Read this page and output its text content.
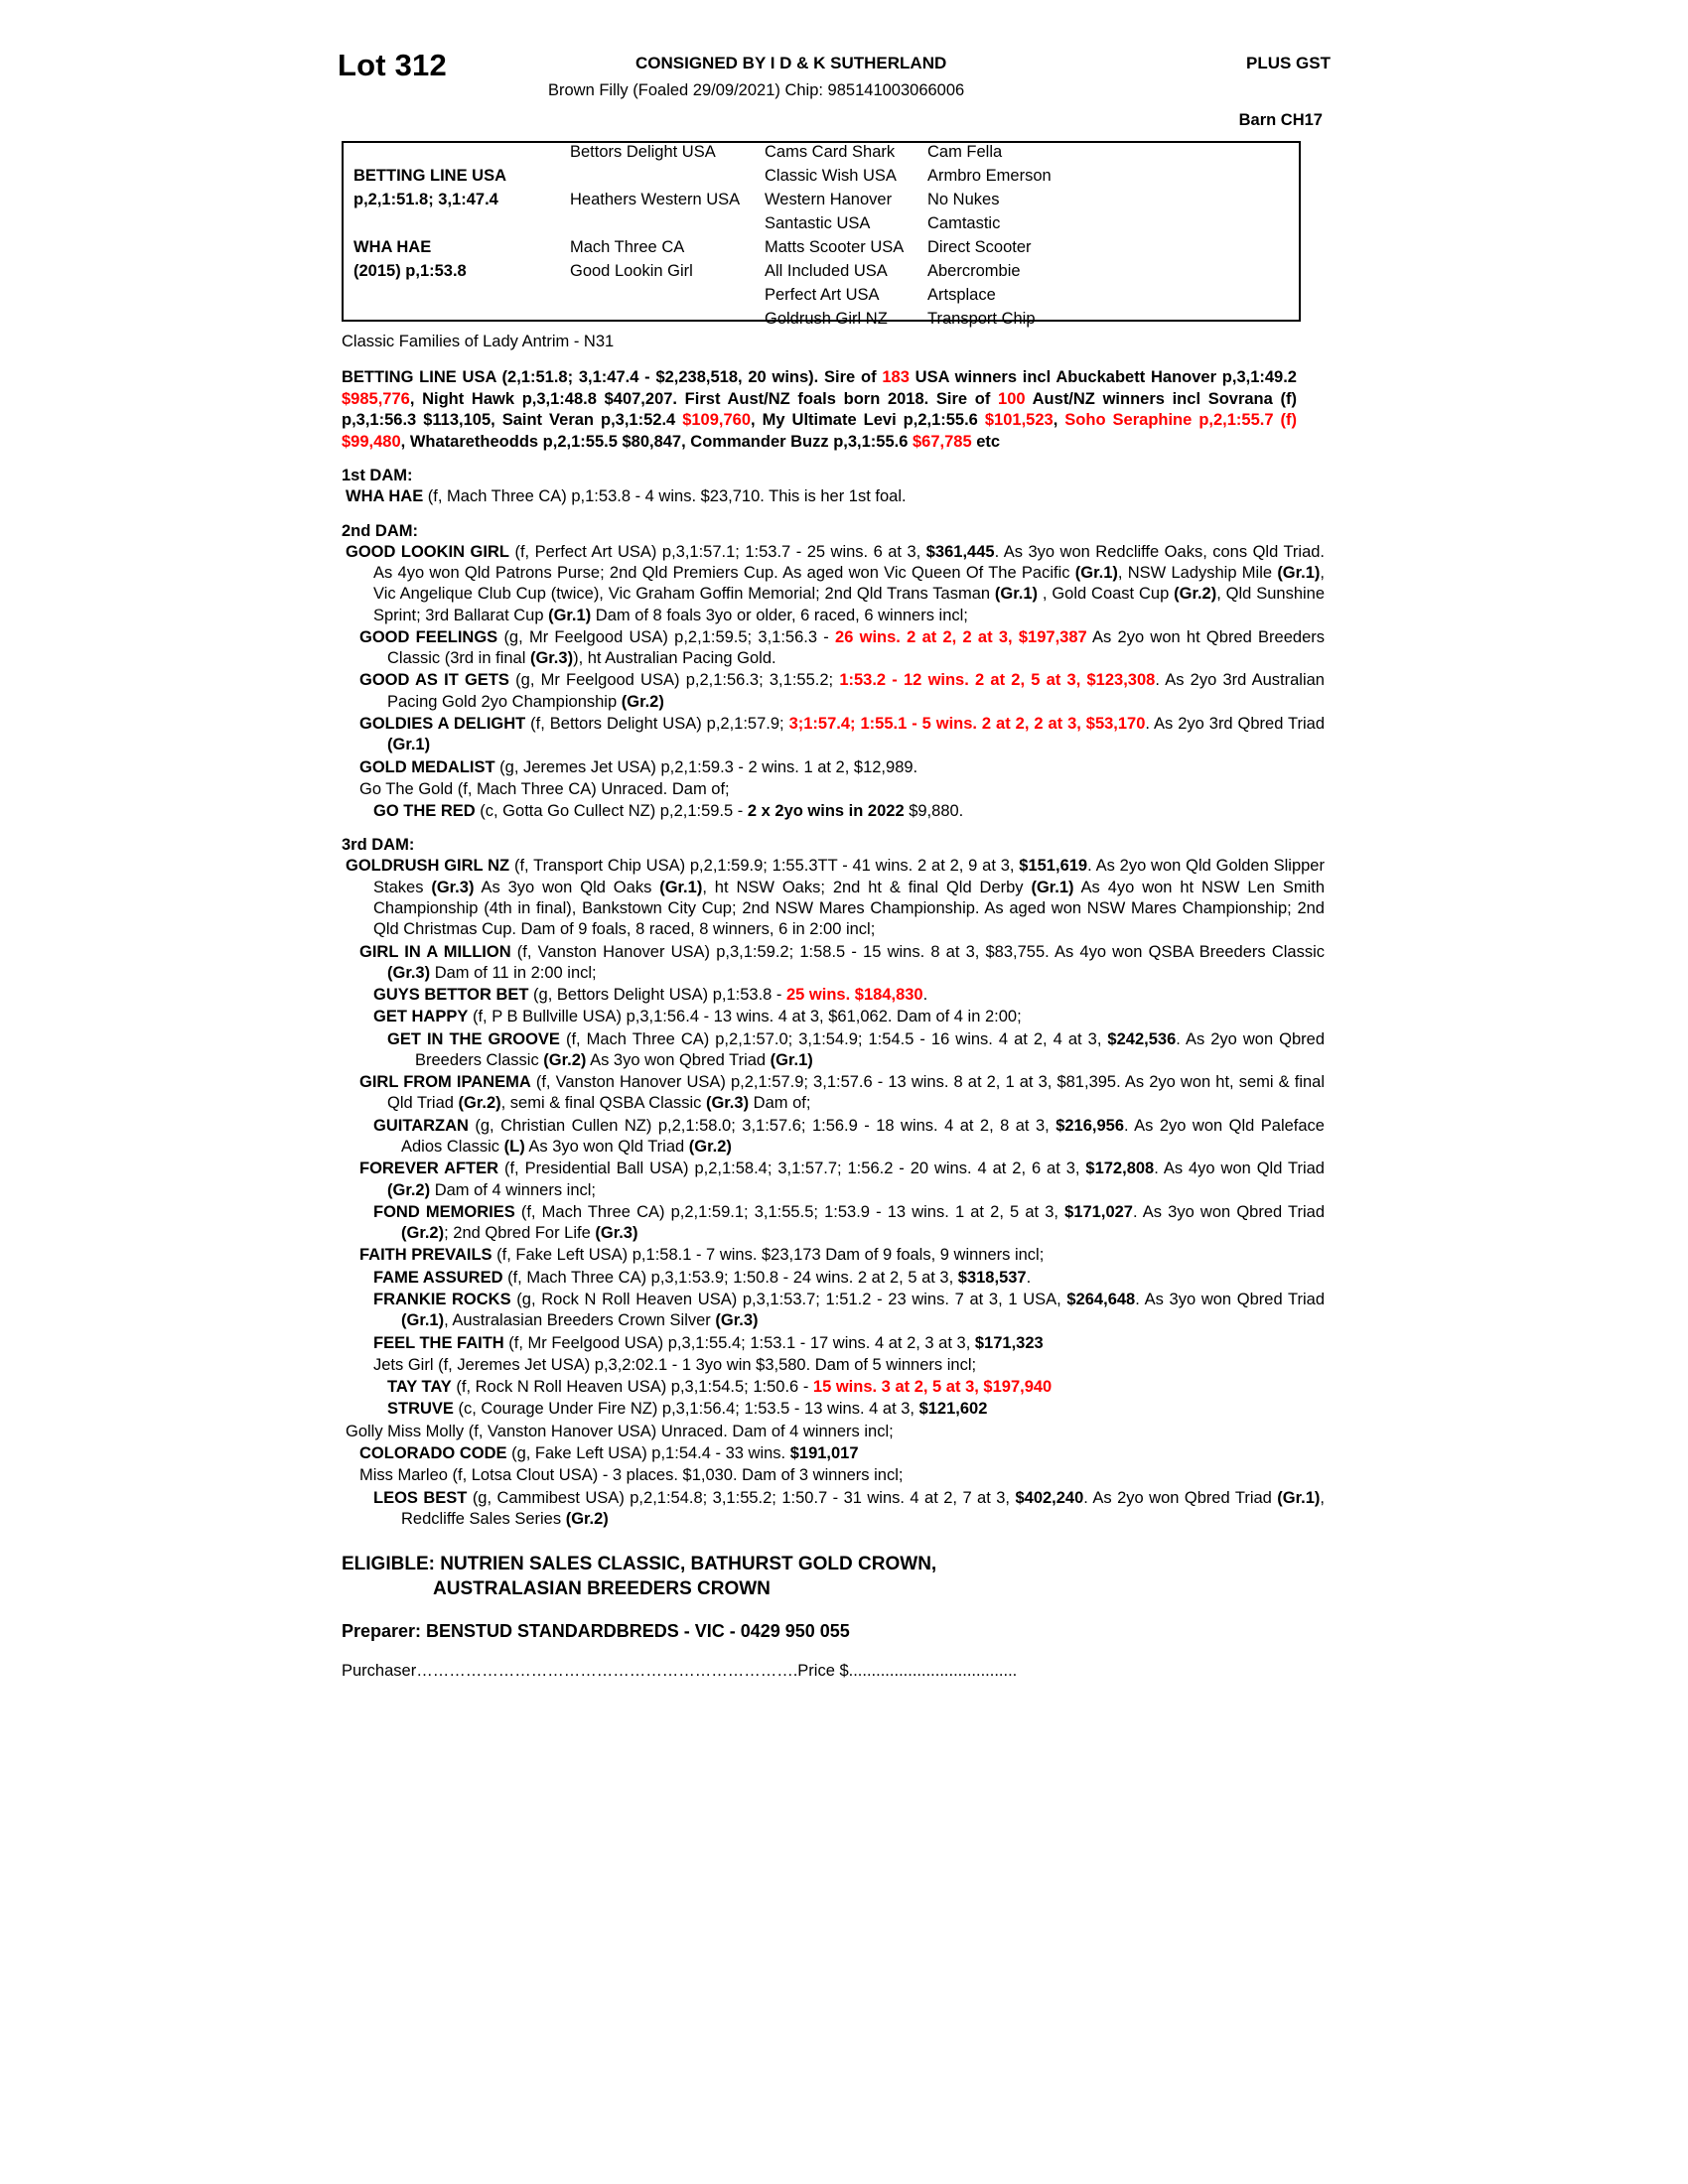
Lot 312	CONSIGNED BY I D & K SUTHERLAND	PLUS GST
Brown Filly (Foaled 29/09/2021) Chip: 985141003066006
Barn CH17
BETTING LINE USA
p,2,1:51.8; 3,1:47.4
WHA HAE
(2015) p,1:53.8
Bettors Delight USA
Heathers Western USA
Mach Three CA
Good Lookin Girl
Cams Card Shark
Classic Wish USA
Western Hanover
Santastic USA
Matts Scooter USA
All Included USA
Perfect Art USA
Goldrush Girl NZ
Cam Fella
Armbro Emerson
No Nukes
Camtastic
Direct Scooter
Abercrombie
Artsplace
Transport Chip
Classic Families of Lady Antrim - N31
BETTING LINE USA (2,1:51.8; 3,1:47.4 - $2,238,518, 20 wins). Sire of 183 USA winners incl Abuckabett Hanover p,3,1:49.2 $985,776, Night Hawk p,3,1:48.8 $407,207. First Aust/NZ foals born 2018. Sire of 100 Aust/NZ winners incl Sovrana (f) p,3,1:56.3 $113,105, Saint Veran p,3,1:52.4 $109,760, My Ultimate Levi p,2,1:55.6 $101,523, Soho Seraphine p,2,1:55.7 (f) $99,480, Whataretheodds p,2,1:55.5 $80,847, Commander Buzz p,3,1:55.6 $67,785 etc
1st DAM:
WHA HAE (f, Mach Three CA) p,1:53.8 - 4 wins. $23,710. This is her 1st foal.
2nd DAM:
GOOD LOOKIN GIRL (f, Perfect Art USA) p,3,1:57.1; 1:53.7 - 25 wins. 6 at 3, $361,445. As 3yo won Redcliffe Oaks, cons Qld Triad. As 4yo won Qld Patrons Purse; 2nd Qld Premiers Cup. As aged won Vic Queen Of The Pacific (Gr.1), NSW Ladyship Mile (Gr.1), Vic Angelique Club Cup (twice), Vic Graham Goffin Memorial; 2nd Qld Trans Tasman (Gr.1) , Gold Coast Cup (Gr.2), Qld Sunshine Sprint; 3rd Ballarat Cup (Gr.1) Dam of 8 foals 3yo or older, 6 raced, 6 winners incl;
GOOD FEELINGS (g, Mr Feelgood USA) p,2,1:59.5; 3,1:56.3 - 26 wins. 2 at 2, 2 at 3, $197,387 As 2yo won ht Qbred Breeders Classic (3rd in final (Gr.3)), ht Australian Pacing Gold.
GOOD AS IT GETS (g, Mr Feelgood USA) p,2,1:56.3; 3,1:55.2; 1:53.2 - 12 wins. 2 at 2, 5 at 3, $123,308. As 2yo 3rd Australian Pacing Gold 2yo Championship (Gr.2)
GOLDIES A DELIGHT (f, Bettors Delight USA) p,2,1:57.9; 3;1:57.4; 1:55.1 - 5 wins. 2 at 2, 2 at 3, $53,170. As 2yo 3rd Qbred Triad (Gr.1)
GOLD MEDALIST (g, Jeremes Jet USA) p,2,1:59.3 - 2 wins. 1 at 2, $12,989.
Go The Gold (f, Mach Three CA) Unraced. Dam of;
GO THE RED (c, Gotta Go Cullect NZ) p,2,1:59.5 - 2 x 2yo wins in 2022 $9,880.
3rd DAM:
GOLDRUSH GIRL NZ (f, Transport Chip USA) p,2,1:59.9; 1:55.3TT - 41 wins. 2 at 2, 9 at 3, $151,619. As 2yo won Qld Golden Slipper Stakes (Gr.3) As 3yo won Qld Oaks (Gr.1), ht NSW Oaks; 2nd ht & final Qld Derby (Gr.1) As 4yo won ht NSW Len Smith Championship (4th in final), Bankstown City Cup; 2nd NSW Mares Championship. As aged won NSW Mares Championship; 2nd Qld Christmas Cup. Dam of 9 foals, 8 raced, 8 winners, 6 in 2:00 incl;
GIRL IN A MILLION (f, Vanston Hanover USA) p,3,1:59.2; 1:58.5 - 15 wins. 8 at 3, $83,755. As 4yo won QSBA Breeders Classic (Gr.3) Dam of 11 in 2:00 incl;
GUYS BETTOR BET (g, Bettors Delight USA) p,1:53.8 - 25 wins. $184,830.
GET HAPPY (f, P B Bullville USA) p,3,1:56.4 - 13 wins. 4 at 3, $61,062. Dam of 4 in 2:00;
GET IN THE GROOVE (f, Mach Three CA) p,2,1:57.0; 3,1:54.9; 1:54.5 - 16 wins. 4 at 2, 4 at 3, $242,536. As 2yo won Qbred Breeders Classic (Gr.2) As 3yo won Qbred Triad (Gr.1)
GIRL FROM IPANEMA (f, Vanston Hanover USA) p,2,1:57.9; 3,1:57.6 - 13 wins. 8 at 2, 1 at 3, $81,395. As 2yo won ht, semi & final Qld Triad (Gr.2), semi & final QSBA Classic (Gr.3) Dam of;
GUITARZAN (g, Christian Cullen NZ) p,2,1:58.0; 3,1:57.6; 1:56.9 - 18 wins. 4 at 2, 8 at 3, $216,956. As 2yo won Qld Paleface Adios Classic (L) As 3yo won Qld Triad (Gr.2)
FOREVER AFTER (f, Presidential Ball USA) p,2,1:58.4; 3,1:57.7; 1:56.2 - 20 wins. 4 at 2, 6 at 3, $172,808. As 4yo won Qld Triad (Gr.2) Dam of 4 winners incl;
FOND MEMORIES (f, Mach Three CA) p,2,1:59.1; 3,1:55.5; 1:53.9 - 13 wins. 1 at 2, 5 at 3, $171,027. As 3yo won Qbred Triad (Gr.2); 2nd Qbred For Life (Gr.3)
FAITH PREVAILS (f, Fake Left USA) p,1:58.1 - 7 wins. $23,173 Dam of 9 foals, 9 winners incl;
FAME ASSURED (f, Mach Three CA) p,3,1:53.9; 1:50.8 - 24 wins. 2 at 2, 5 at 3, $318,537.
FRANKIE ROCKS (g, Rock N Roll Heaven USA) p,3,1:53.7; 1:51.2 - 23 wins. 7 at 3, 1 USA, $264,648. As 3yo won Qbred Triad (Gr.1), Australasian Breeders Crown Silver (Gr.3)
FEEL THE FAITH (f, Mr Feelgood USA) p,3,1:55.4; 1:53.1 - 17 wins. 4 at 2, 3 at 3, $171,323
Jets Girl (f, Jeremes Jet USA) p,3,2:02.1 - 1 3yo win $3,580. Dam of 5 winners incl;
TAY TAY (f, Rock N Roll Heaven USA) p,3,1:54.5; 1:50.6 - 15 wins. 3 at 2, 5 at 3, $197,940
STRUVE (c, Courage Under Fire NZ) p,3,1:56.4; 1:53.5 - 13 wins. 4 at 3, $121,602
Golly Miss Molly (f, Vanston Hanover USA) Unraced. Dam of 4 winners incl;
COLORADO CODE (g, Fake Left USA) p,1:54.4 - 33 wins. $191,017
Miss Marleo (f, Lotsa Clout USA) - 3 places. $1,030. Dam of 3 winners incl;
LEOS BEST (g, Cammibest USA) p,2,1:54.8; 3,1:55.2; 1:50.7 - 31 wins. 4 at 2, 7 at 3, $402,240. As 2yo won Qbred Triad (Gr.1), Redcliffe Sales Series (Gr.2)
ELIGIBLE: NUTRIEN SALES CLASSIC, BATHURST GOLD CROWN,
AUSTRALASIAN BREEDERS CROWN
Preparer: BENSTUD STANDARDBREDS - VIC - 0429 950 055
Purchaser…………………………………………………………….Price $.....................................
